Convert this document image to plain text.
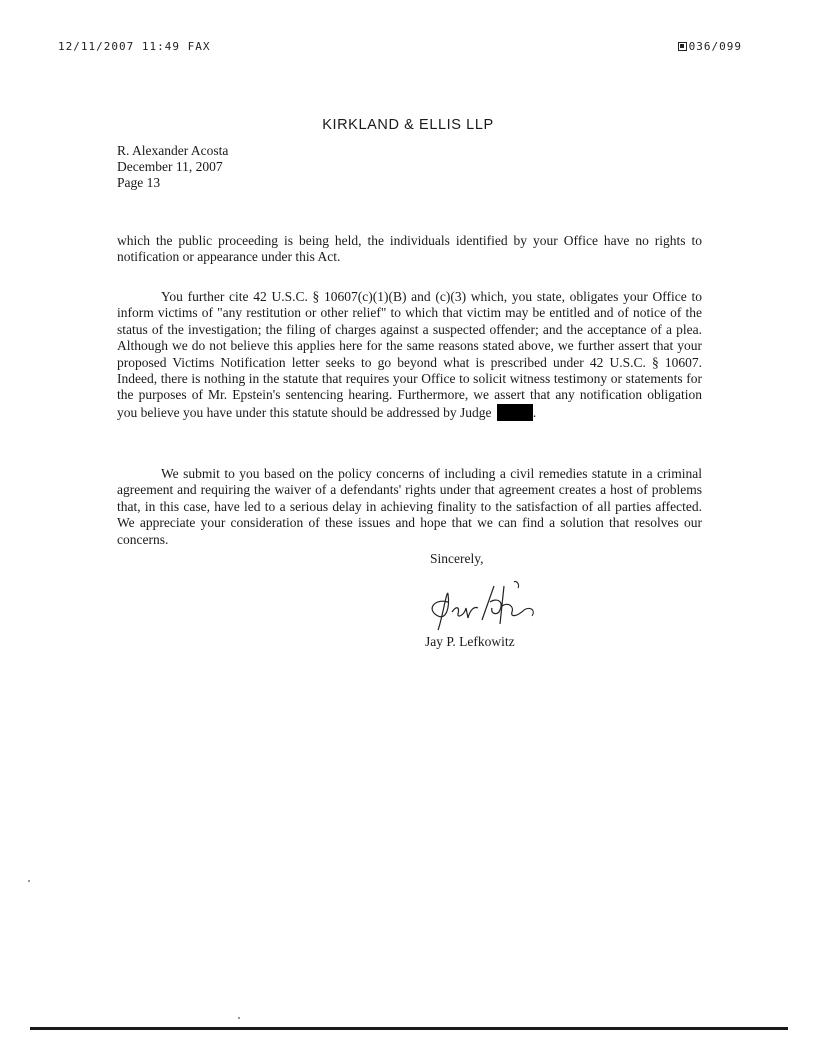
12/11/2007 11:49 FAX	036/099
KIRKLAND & ELLIS LLP
R. Alexander Acosta
December 11, 2007
Page 13
which the public proceeding is being held, the individuals identified by your Office have no rights to notification or appearance under this Act.
You further cite 42 U.S.C. § 10607(c)(1)(B) and (c)(3) which, you state, obligates your Office to inform victims of "any restitution or other relief" to which that victim may be entitled and of notice of the status of the investigation; the filing of charges against a suspected offender; and the acceptance of a plea. Although we do not believe this applies here for the same reasons stated above, we further assert that your proposed Victims Notification letter seeks to go beyond what is prescribed under 42 U.S.C. § 10607. Indeed, there is nothing in the statute that requires your Office to solicit witness testimony or statements for the purposes of Mr. Epstein's sentencing hearing. Furthermore, we assert that any notification obligation you believe you have under this statute should be addressed by Judge	.
We submit to you based on the policy concerns of including a civil remedies statute in a criminal agreement and requiring the waiver of a defendants' rights under that agreement creates a host of problems that, in this case, have led to a serious delay in achieving finality to the satisfaction of all parties affected. We appreciate your consideration of these issues and hope that we can find a solution that resolves our concerns.
Sincerely,
Jay P. Lefkowitz
